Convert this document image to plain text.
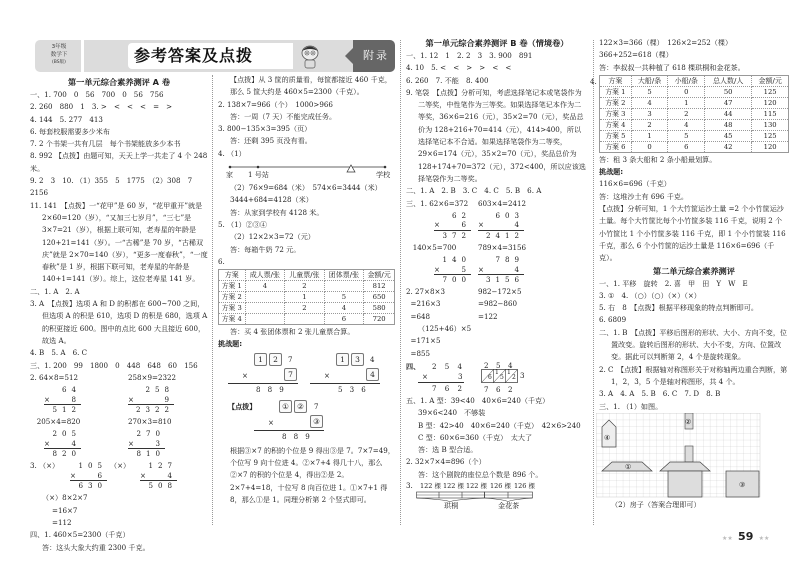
3年级
数学下
(BS版)	参考答案及点拨	附录
第一单元综合素养测评 A 卷
一、1. 700　0　56　700　0　56　756
2. 260　880　1　3. >　<　<　<　=　>
4. 144　5. 277　413
6. 每套校服需要多少米布
7. 2 个书架一共有几层　每个书架能放多少本书
8. 992 【点拨】由题可知，天天上学一共走了 4 个 248 米。
9. 2　3　10. （1）355　5　1775　（2）308　7　2156
11. 141　【点拨】一“花甲”是 60 岁，“花甲重开”就是 2×60=120（岁），“又加三七岁月”，“三七”是 3×7=21（岁），根据上联可知，老寿星的年龄是 120+21=141（岁）。一“古稀”是 70 岁，“古稀双庆”就是 2×70=140（岁），“更多一度春秋”，“一度春秋”是 1 岁，根据下联可知，老寿星的年龄是 140+1=141（岁）。综上，这位老寿星 141 岁。
二、1. A　2. A
3. A　【点拨】选项 A 和 D 的积都在 600~700 之间，但选项 A 的积是 610，选项 D 的积是 680，选项 A 的积更接近 600。图中的点比 600 大且接近 600，故选 A。
4. B　5. A　6. C
三、1. 200　99　1800　0　448　648　60　156
2. 64×8=512	258×9=2322
64
× 8
512
258
×	9
2322
205×4=820	270×3=810
205
× 4
820
270
× 3
810
3. （×）	105
× 6
630
（×）	127
× 4
508
（×）8×2×7
=16×7
=112
四、1. 460×5=2300（千克）
答：这头大象大约重 2300 千克。
【点拨】从 3 筐的质量看，每筐都接近 460 千克，那么 5 筐大约是 460×5=2300（千克）。
2. 138×7=966（个）　1000>966
答：一周（7 天）不能完成任务。
3. 800−135×3=395（页）
答：还剩 395 页没有看。
4. （1）
家 1 号站	学校
（2）76×9=684（米）　574×6=3444（米）
3444+684=4128（米）
答：从家到学校有 4128 米。
5. （1）②③④
（2）12×2×3=72（元）
答：每箱牛奶 72 元。
6.
方案	成人票/张	儿童票/张	团体票/张	金额/元
方案 1	4	2		812
方案 2		1	5	650
方案 3		2	4	580
方案 4			6	720
答：买 4 张团体票和 2 张儿童票合算。
挑战题:
1	2	7
×	7
8　8　9
1	3	4
×	4
5　3　6
【点拨】	①	②	7
×	③
8　8　9
根据③×7 的积的个位是 9 得出③是 7。7×7=49，个位写 9 向十位进 4。②×7+4 得几十八，那么②×7 的积的个位是 4，得出②是 2。2×7+4=18，十位写 8 向百位进 1。①×7+1 得 8，那么①是 1。同理分析第 2 个竖式即可。
第一单元综合素养测评 B 卷（情境卷）
一、1. 12　1　2. 2　3　3. 900　891
4. 10　5. <　<　>　>　<　<
6. 260　7. 不能　8. 400
9. 笔袋　【点拨】分析可知，考虑选择笔记本或笔袋作为二等奖，中性笔作为三等奖。如果选择笔记本作为二等奖，36×6=216（元），35×2=70（元），奖品总价为 128+216+70=414（元），414>400，所以选择笔记本不合适。如果选择笔袋作为二等奖，29×6=174（元），35×2=70（元），奖品总价为 128+174+70=372（元），372<400，所以应该选择笔袋作为二等奖。
二、1. A　2. B　3. C　4. C　5. B　6. A
三、1. 62×6=372 603×4=2412
62
× 6
372
603
×	4
2412
140×5=700	789×4=3156
140
× 5
700
789
×	4
3156
2. 27×8×3	982−172×5
=216×3	=982−860
=648	=122
（125+46）×5
=171×5
=855
四、 2 5 4
×	3
7 6 2
2 5 4
6
1
5
1
2 3
7 6 2
五、1. A 型：39<40　40×6=240（千克）
39×6<240　不够装
B 型：42>40　40×6=240（千克）　42×6>240
C 型：60×6=360（千克）　太大了
答：选 B 型合适。
2. 32×7×4=896（个）
答：这个剧院的座位总个数是 896 个。
3. 122 棵 122 棵 122 棵 126 棵 126 棵
珙桐	金花茶
122×3=366（棵）　126×2=252（棵）
366+252=618（棵）
答：李叔叔一共种植了 618 棵珙桐和金花茶。
4. 方案	大船/条	小船/条	总人数/人	金额/元
方案 1	5	0	50	125
方案 2	4	1	47	120
方案 3	3	2	44	115
方案 4	2	4	48	130
方案 5	1	5	45	125
方案 6	0	6	42	120
答：租 3 条大船和 2 条小船最划算。
挑战题:
116×6=696（千克）
答：这堆沙土有 696 千克。
【点拨】分析可知，1 个大竹筐运沙土量 =2 个小竹筐运沙土量。每个大竹筐比每个小竹筐多装 116 千克，说明 2 个小竹筐比 1 个小竹筐多装 116 千克，即 1 个小竹筐装 116 千克，那么 6 个小竹筐的运沙土量是 116×6=696（千克）。
第二单元综合素养测评
一、1. 平移　旋转　2. 喜　甲　田　Y　W　E
3. ①　4. （○）（○）（×）（×）
5. 右　8　【点拨】根据平移现象的特点判断即可。
6. 6809
二、1. B　【点拨】平移后图形的形状、大小、方向不变，位置改变。旋转后图形的形状、大小不变，方向、位置改变。据此可以判断第 2，4 个是旋转现象。
2. C　【点拨】根据轴对称图形关于对称轴两边重合判断，第 1，2，3，5 个是轴对称图形，共 4 个。
3. A　4. A　5. B　6. C　7. D　8. B
三、1. （1）如图。
①
②
③
④
（2）房子（答案合理即可）
★ ★ 59 ★ ★
